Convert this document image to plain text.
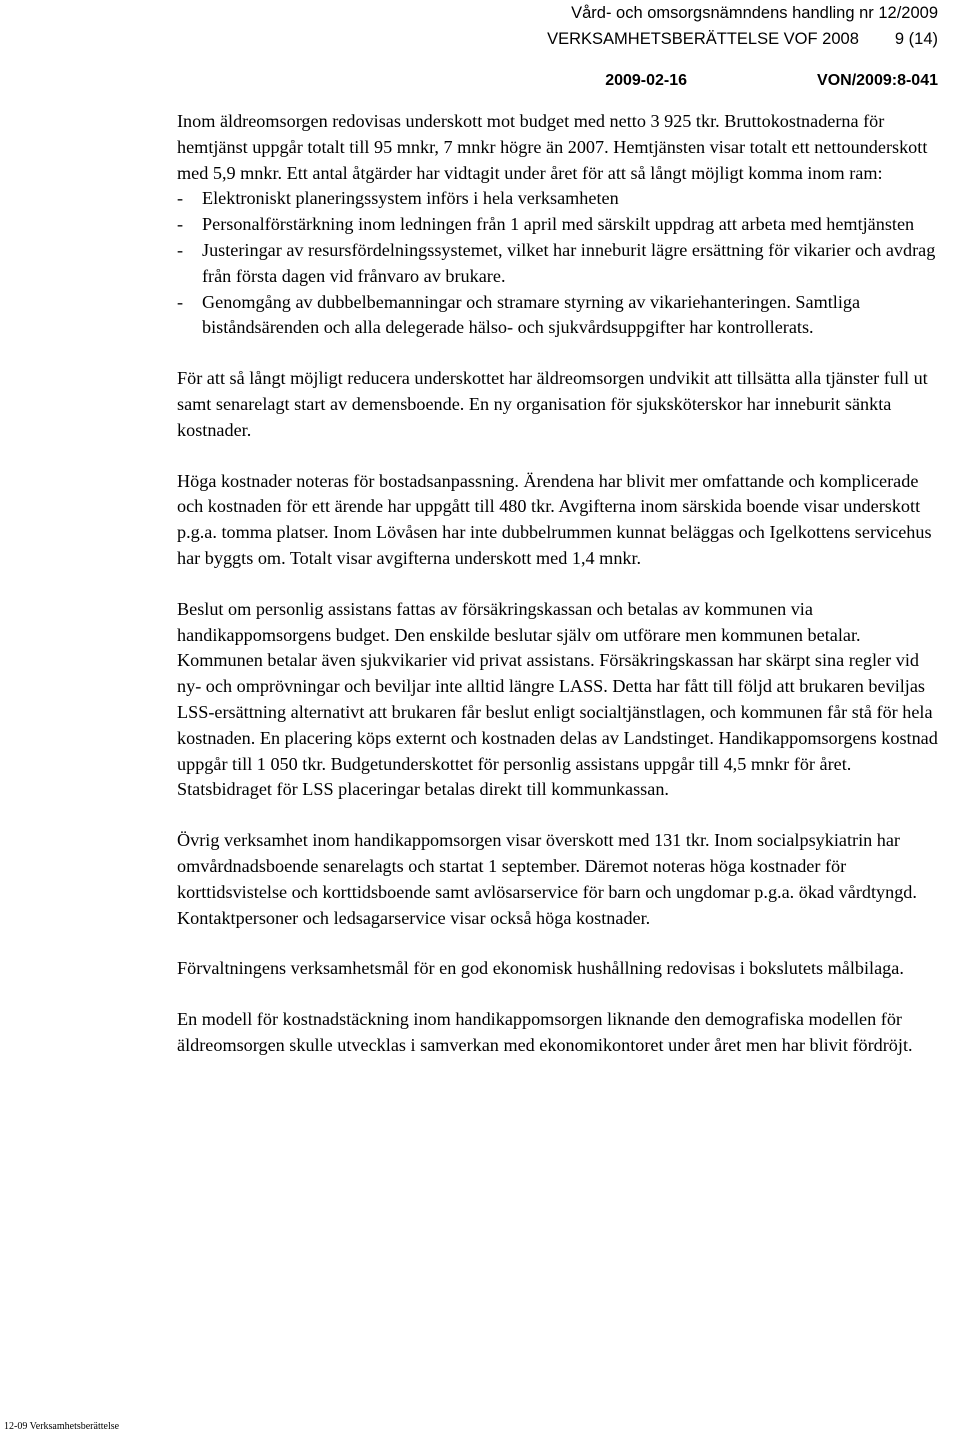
Vård- och omsorgsnämndens handling nr 12/2009
VERKSAMHETSBERÄTTELSE VOF 2008 9 (14)
2009-02-16	VON/2009:8-041

Inom äldreomsorgen redovisas underskott mot budget med netto 3 925 tkr. Bruttokostnaderna för hemtjänst uppgår totalt till 95 mnkr, 7 mnkr högre än 2007. Hemtjänsten visar totalt ett nettounderskott med 5,9 mnkr. Ett antal åtgärder har vidtagit under året för att så långt möjligt komma inom ram:

-	Elektroniskt planeringssystem införs i hela verksamheten
-	Personalförstärkning inom ledningen från 1 april med särskilt uppdrag att arbeta med hemtjänsten
-	Justeringar av resursfördelningssystemet, vilket har inneburit lägre ersättning för vikarier och avdrag från första dagen vid frånvaro av brukare.
-	Genomgång av dubbelbemanningar och stramare styrning av vikariehanteringen. Samtliga biståndsärenden och alla delegerade hälso- och sjukvårdsuppgifter har kontrollerats.

För att så långt möjligt reducera underskottet har äldreomsorgen undvikit att tillsätta alla tjänster full ut samt senarelagt start av demensboende. En ny organisation för sjuksköterskor har inneburit sänkta kostnader.

Höga kostnader noteras för bostadsanpassning. Ärendena har blivit mer omfattande och komplicerade och kostnaden för ett ärende har uppgått till 480 tkr. Avgifterna inom särskida boende visar underskott p.g.a. tomma platser. Inom Lövåsen har inte dubbelrummen kunnat beläggas och Igelkottens servicehus har byggts om. Totalt visar avgifterna underskott med 1,4 mnkr.

Beslut om personlig assistans fattas av försäkringskassan och betalas av kommunen via handikappomsorgens budget. Den enskilde beslutar själv om utförare men kommunen betalar. Kommunen betalar även sjukvikarier vid privat assistans. Försäkringskassan har skärpt sina regler vid ny- och omprövningar och beviljar inte alltid längre LASS. Detta har fått till följd att brukaren beviljas LSS-ersättning alternativt att brukaren får beslut enligt socialtjänstlagen, och kommunen får stå för hela kostnaden. En placering köps externt och kostnaden delas av Landstinget. Handikappomsorgens kostnad uppgår till 1 050 tkr. Budgetunderskottet för personlig assistans uppgår till 4,5 mnkr för året. Statsbidraget för LSS placeringar betalas direkt till kommunkassan.

Övrig verksamhet inom handikappomsorgen visar överskott med 131 tkr. Inom socialpsykiatrin har omvårdnadsboende senarelagts och startat 1 september. Däremot noteras höga kostnader för korttidsvistelse och korttidsboende samt avlösarservice för barn och ungdomar p.g.a. ökad vårdtyngd. Kontaktpersoner och ledsagarservice visar också höga kostnader.

Förvaltningens verksamhetsmål för en god ekonomisk hushållning redovisas i bokslutets målbilaga.

En modell för kostnadstäckning inom handikappomsorgen liknande den demografiska modellen för äldreomsorgen skulle utvecklas i samverkan med ekonomikontoret under året men har blivit fördröjt.

12-09 Verksamhetsberättelse
